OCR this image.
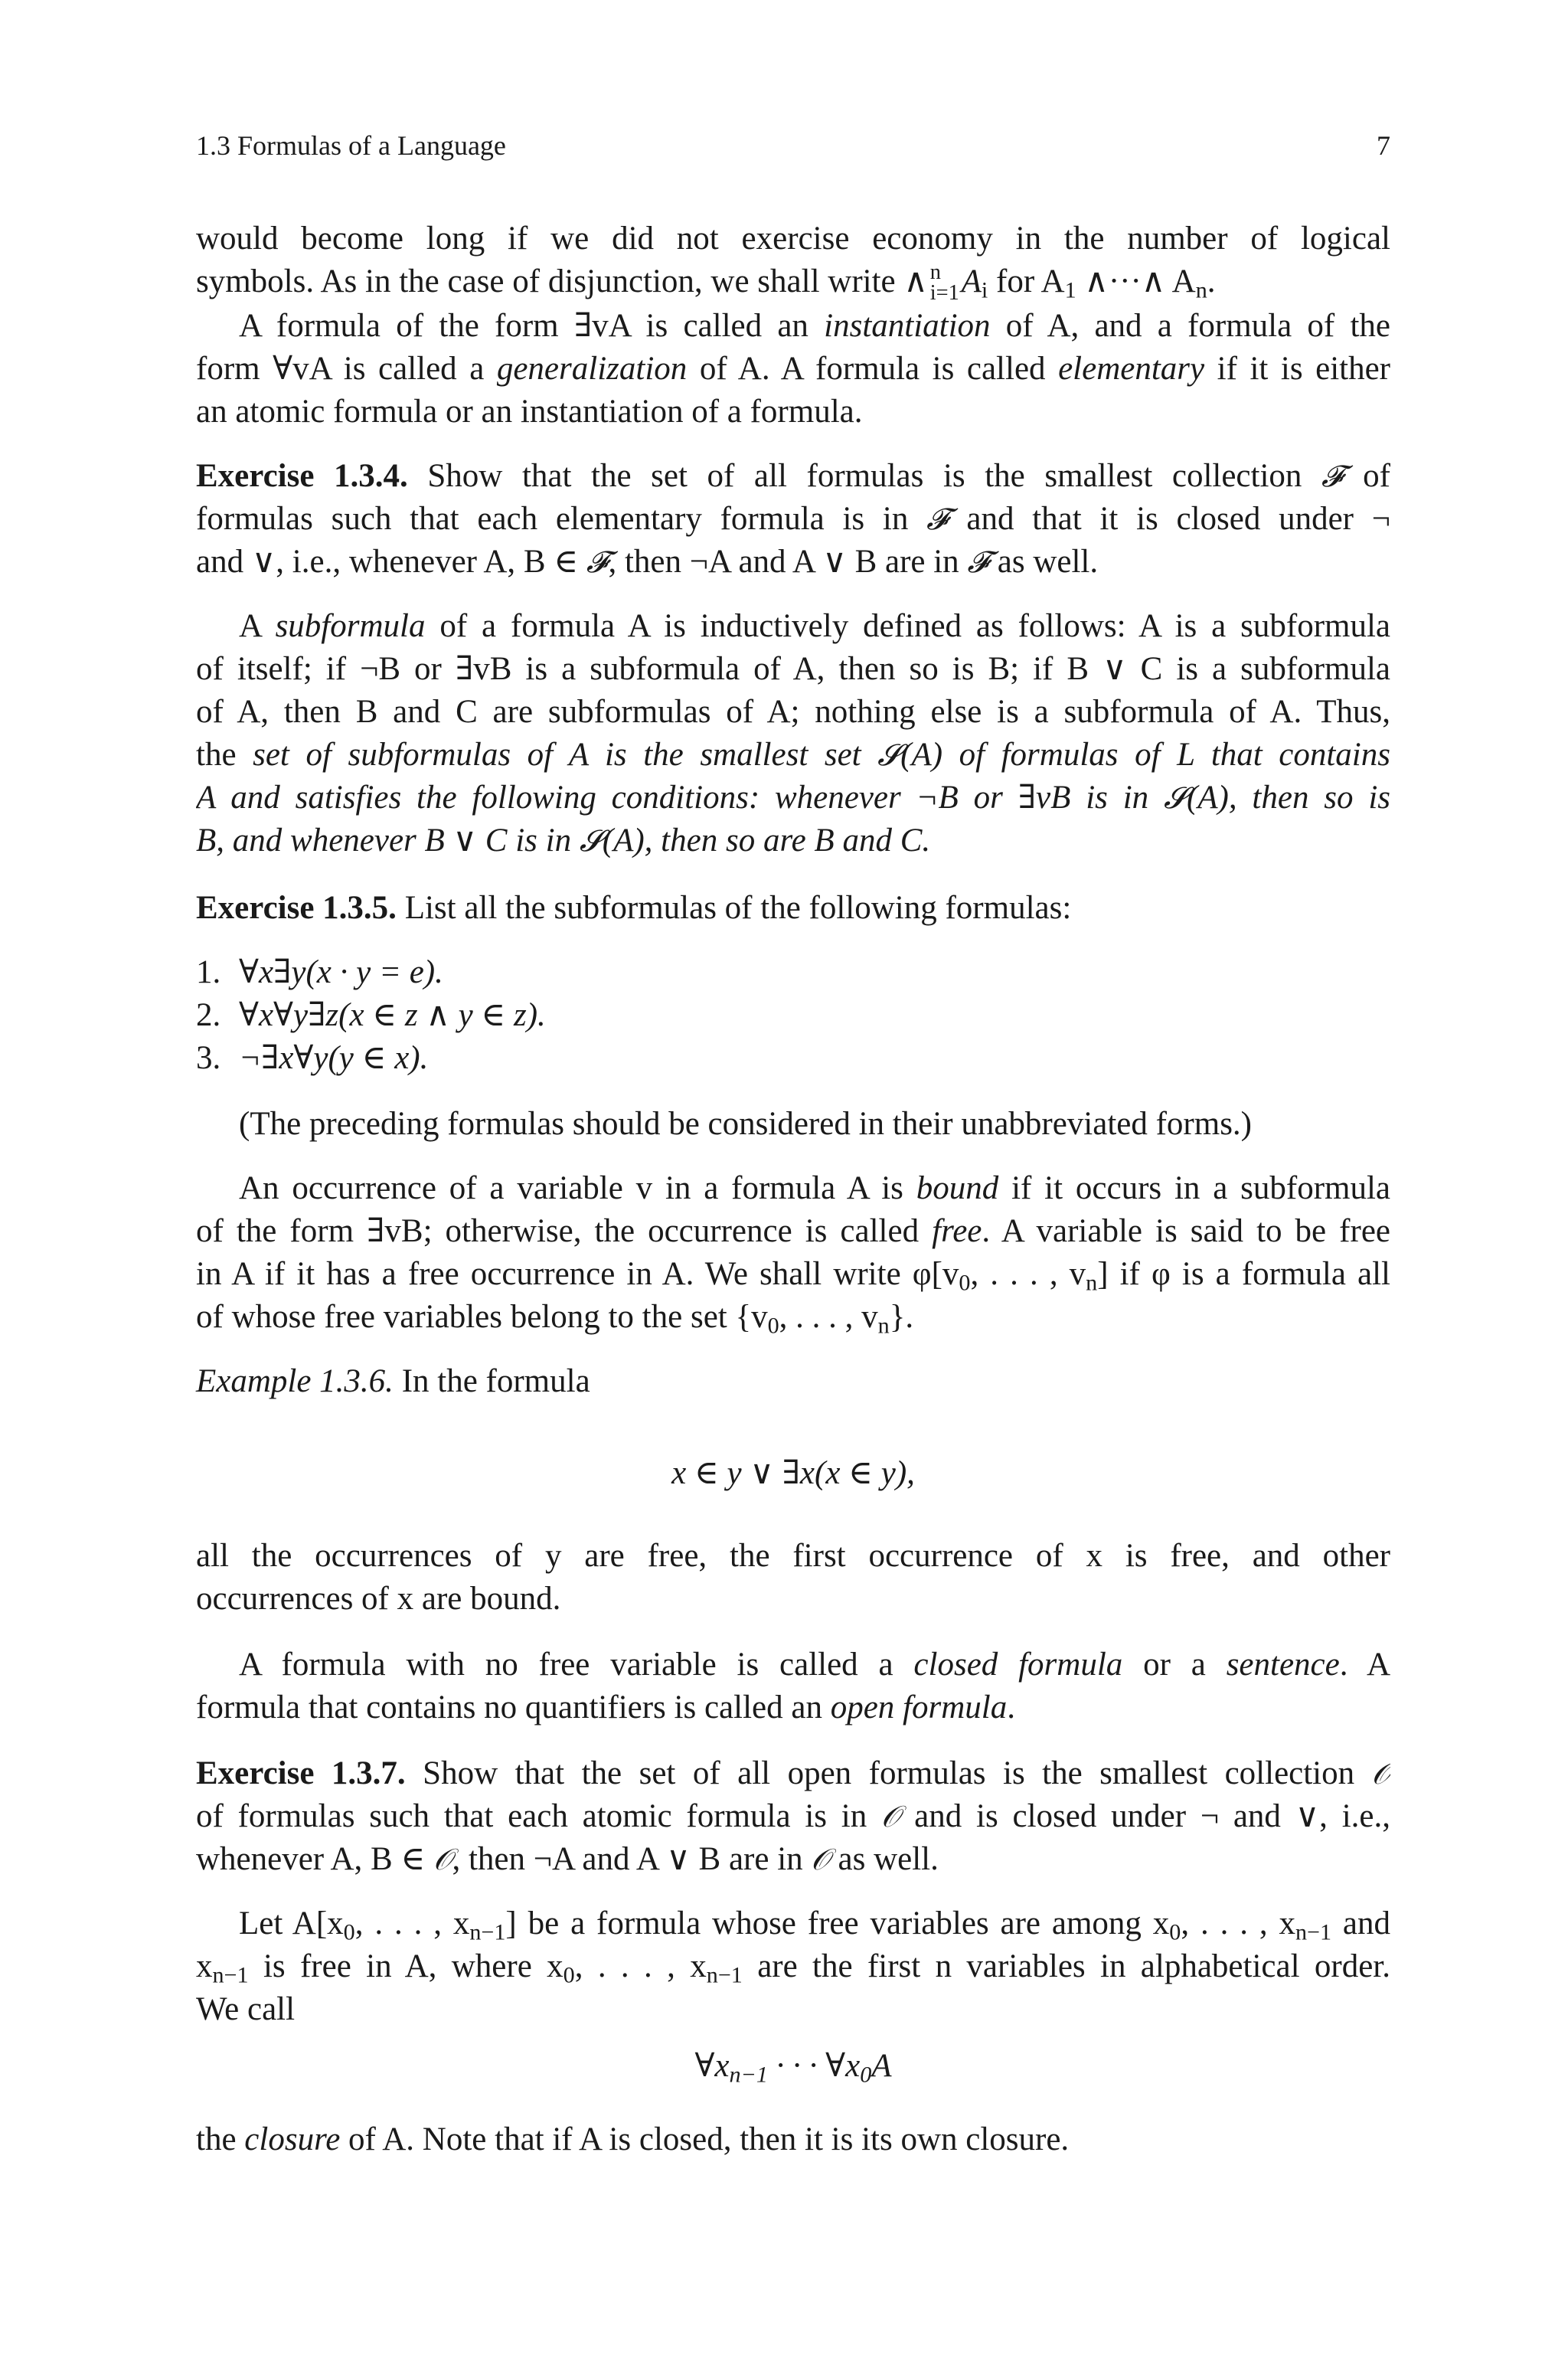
1.3 Formulas of a Language	7
would become long if we did not exercise economy in the number of logical
symbols. As in the case of disjunction, we shall write ∧ n
i=1 $A_i$ for $A_1$ ∧···∧ $A_n$.
A formula of the form ∃vA is called an instantiation of A, and a formula of the
form ∀vA is called a generalization of A. A formula is called elementary if it is either
an atomic formula or an instantiation of a formula.
Exercise 1.3.4. Show that the set of all formulas is the smallest collection 𝓕 of
formulas such that each elementary formula is in 𝓕 and that it is closed under ¬
and ∨, i.e., whenever A, B ∈ 𝓕, then ¬A and A ∨ B are in 𝓕 as well.
A subformula of a formula A is inductively defined as follows: A is a subformula
of itself; if ¬B or ∃vB is a subformula of A, then so is B; if B ∨ C is a subformula
of A, then B and C are subformulas of A; nothing else is a subformula of A. Thus,
the set of subformulas of A is the smallest set 𝓢(A) of formulas of L that contains
A and satisfies the following conditions: whenever ¬B or ∃vB is in 𝓢(A), then so is
B, and whenever B ∨ C is in 𝓢(A), then so are B and C.
Exercise 1.3.5. List all the subformulas of the following formulas:
1. ∀x∃y(x · y = e).
2. ∀x∀y∃z(x ∈ z ∧ y ∈ z).
3. ¬∃x∀y(y ∈ x).
(The preceding formulas should be considered in their unabbreviated forms.)
An occurrence of a variable v in a formula A is bound if it occurs in a subformula
of the form ∃vB; otherwise, the occurrence is called free. A variable is said to be free
in A if it has a free occurrence in A. We shall write $\varphi[v_0$, . . . , $v_n$] if φ is a formula all
of whose free variables belong to the set {$v_0$, . . . , $v_n$}.
Example 1.3.6. In the formula
x ∈ y ∨ ∃x(x ∈ y),
all the occurrences of y are free, the first occurrence of x is free, and other
occurrences of x are bound.
A formula with no free variable is called a closed formula or a sentence. A
formula that contains no quantifiers is called an open formula.
Exercise 1.3.7. Show that the set of all open formulas is the smallest collection 𝒪
of formulas such that each atomic formula is in 𝒪 and is closed under ¬ and ∨, i.e.,
whenever A, B ∈ 𝒪, then ¬A and A ∨ B are in 𝒪 as well.
Let $A[x_0$, . . . , $x_{n-1}$] be a formula whose free variables are among $x_0$, . . . , $x_{n-1}$ and
$x_{n-1}$ is free in A, where $x_0$, . . . , $x_{n-1}$ are the first n variables in alphabetical order.
We call
$\forall x_{n-1}$ · · · $\forall x_0A$
the closure of A. Note that if A is closed, then it is its own closure.
